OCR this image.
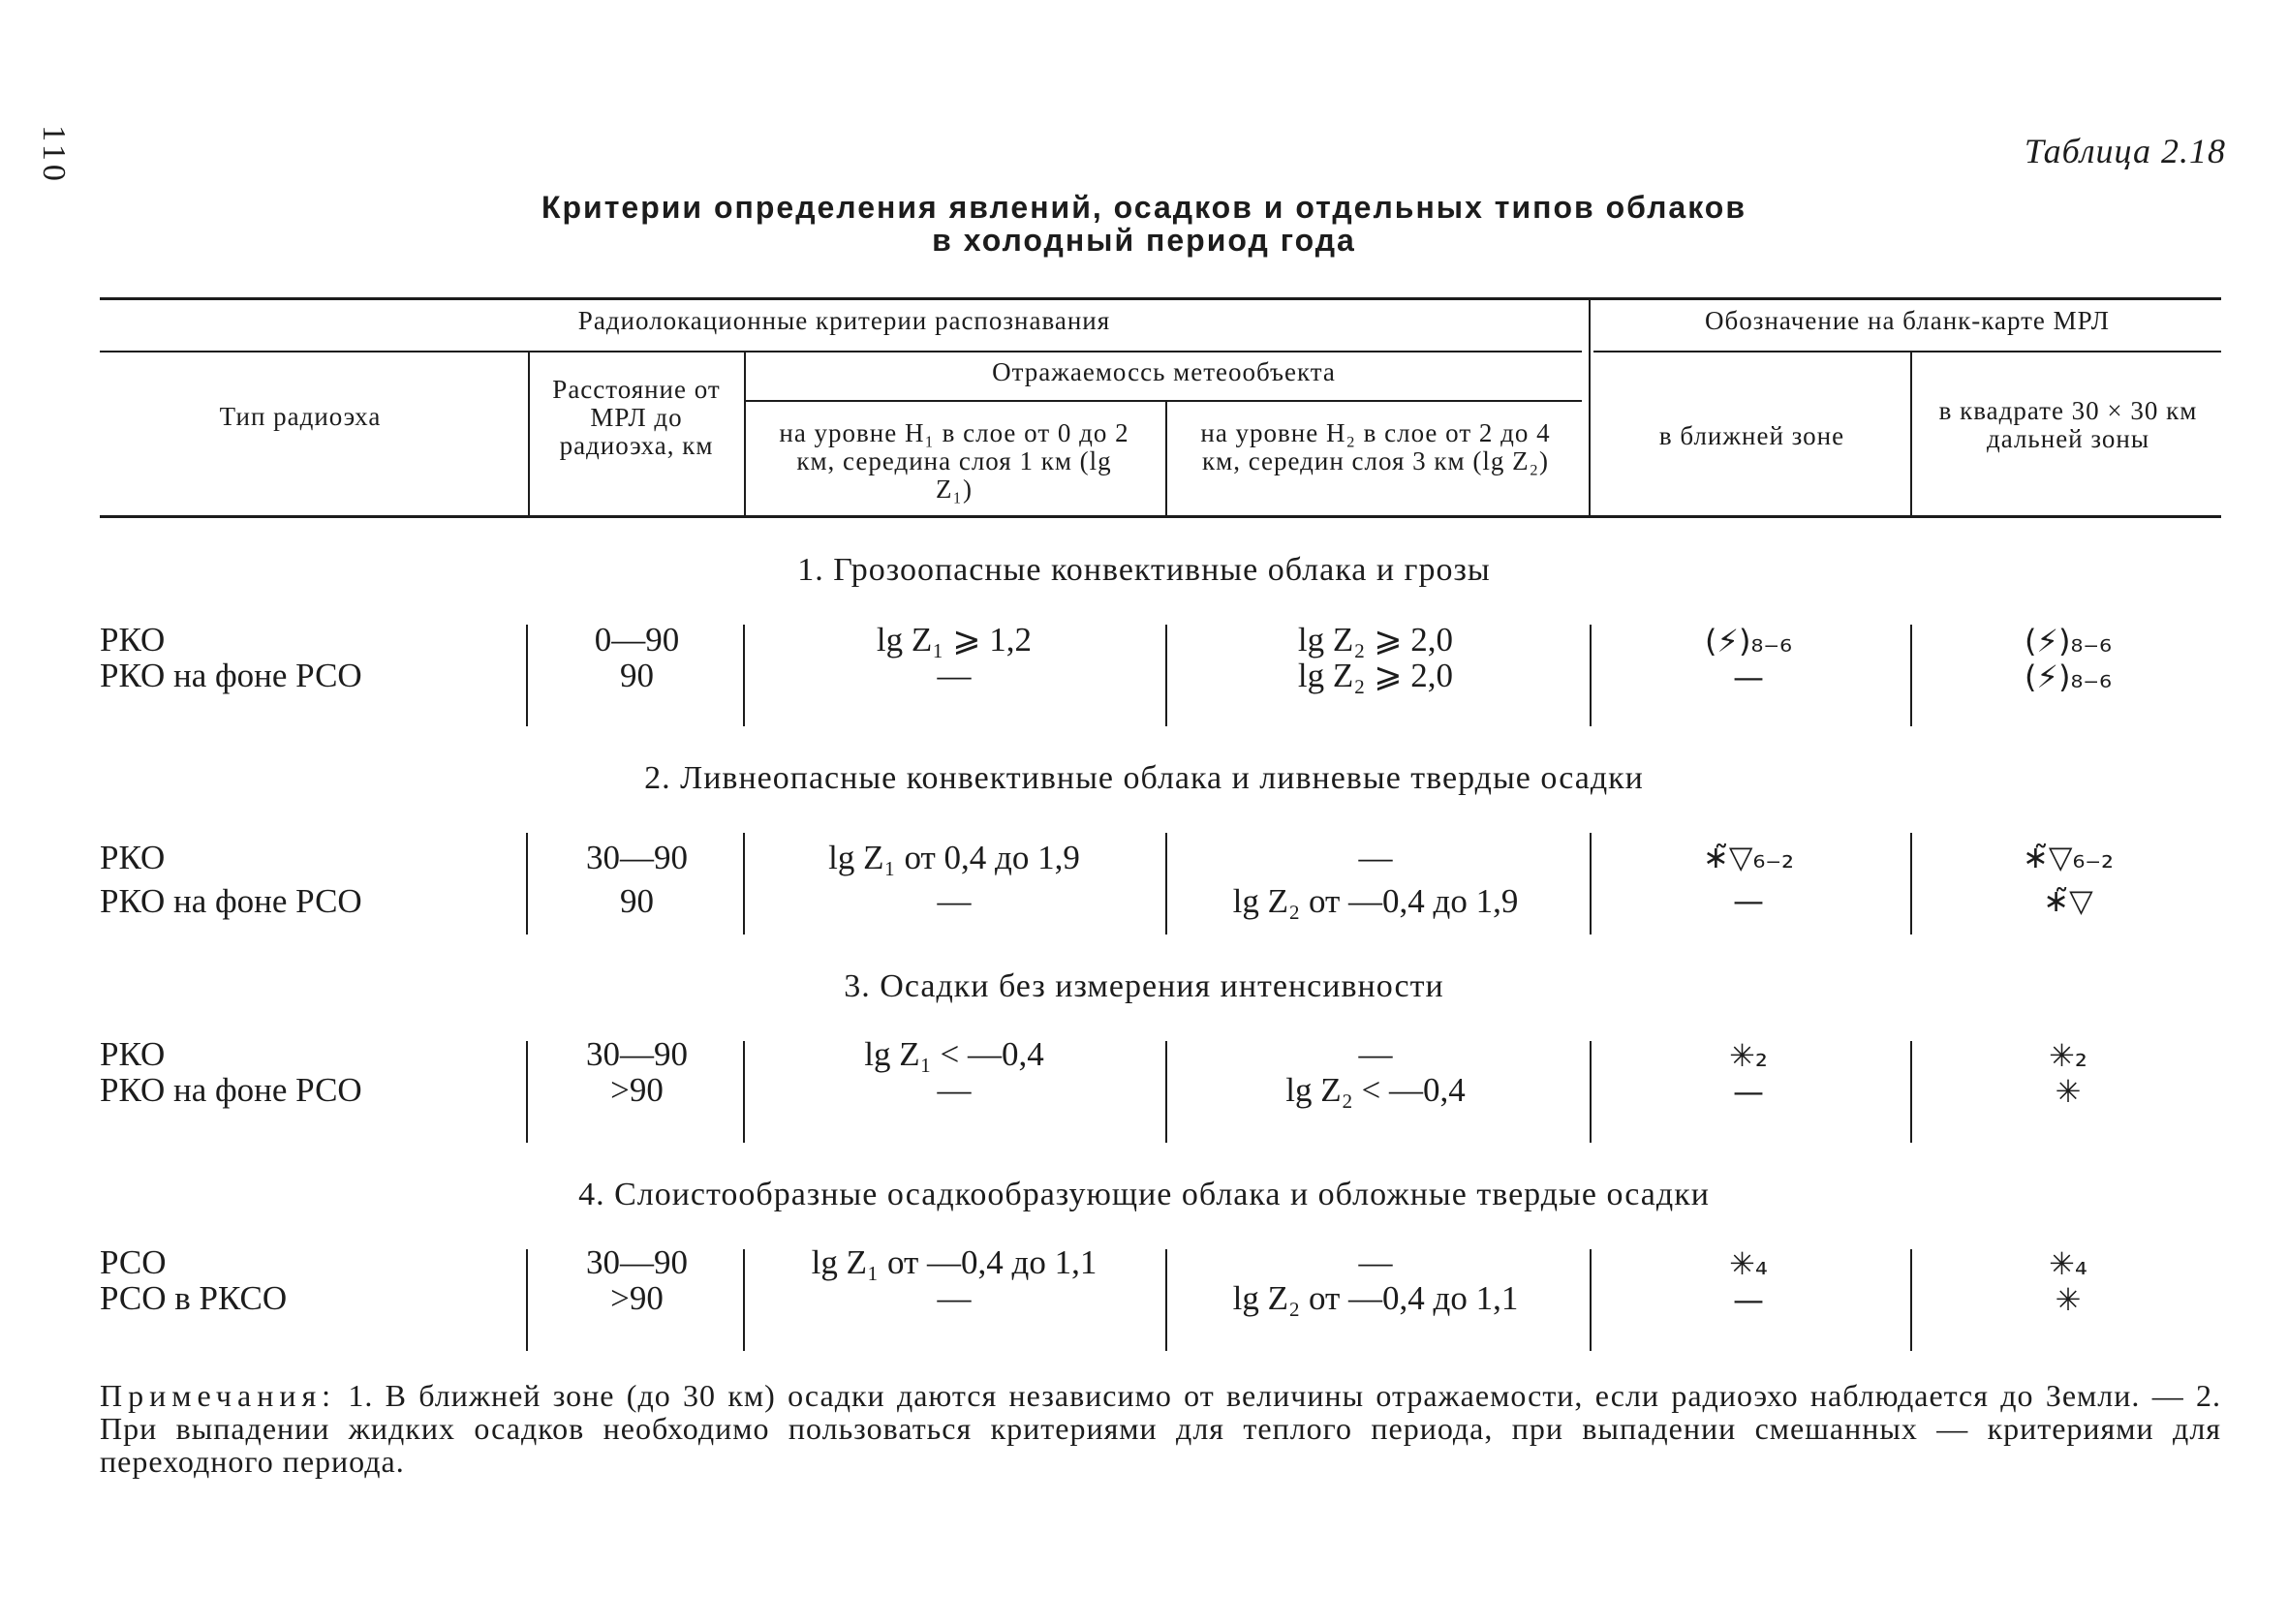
110	Таблица 2.18
Критерии определения явлений, осадков и отдельных типов облаков
в холодный период года
Радиолокационные критерии распознавания	Обозначение на бланк-карте МРЛ
Тип радиоэха
Расстояние от МРЛ до радиоэха, км
Отражаемосcь метеообъекта
на уровне H₁ в слое от 0 до 2 км, середина слоя 1 км (lg Z₁)
на уровне H₂ в слое от 2 до 4 км, середин слоя 3 км (lg Z₂)
в ближней зоне
в квадрате 30 × 30 км дальней зоны
1. Грозоопасные конвективные облака и грозы
РКО
РКО на фоне РСО
0—90
90
lg Z₁ ⩾ 1,2
—
lg Z₂ ⩾ 2,0
lg Z₂ ⩾ 2,0
(⚡)₈₋₆
—
(⚡)₈₋₆
(⚡)₈₋₆
2. Ливнеопасные конвективные облака и ливневые твердые осадки
РКО
РКО на фоне РСО
30—90
90
lg Z₁ от 0,4 до 1,9
—
—
lg Z₂ от —0,4 до 1,9
∗̃▽₆₋₂
—
∗̃▽₆₋₂
∗̃▽
3. Осадки без измерения интенсивности
РКО
РКО на фоне РСО
30—90
>90
lg Z₁ < —0,4
—
—
lg Z₂ < —0,4
✳₂
—
✳₂
✳
4. Слоистообразные осадкообразующие облака и обложные твердые осадки
РСО
РСО в РКСО
30—90
>90
lg Z₁ от —0,4 до 1,1
—
—
lg Z₂ от —0,4 до 1,1
✳₄
—
✳₄
✳
Примечания: 1. В ближней зоне (до 30 км) осадки даются независимо от величины отражаемости, если радиоэхо наблюдается до Земли. — 2. При выпадении жидких осадков необходимо пользоваться критериями для теплого периода, при выпадении смешанных — критериями для переходного периода.
